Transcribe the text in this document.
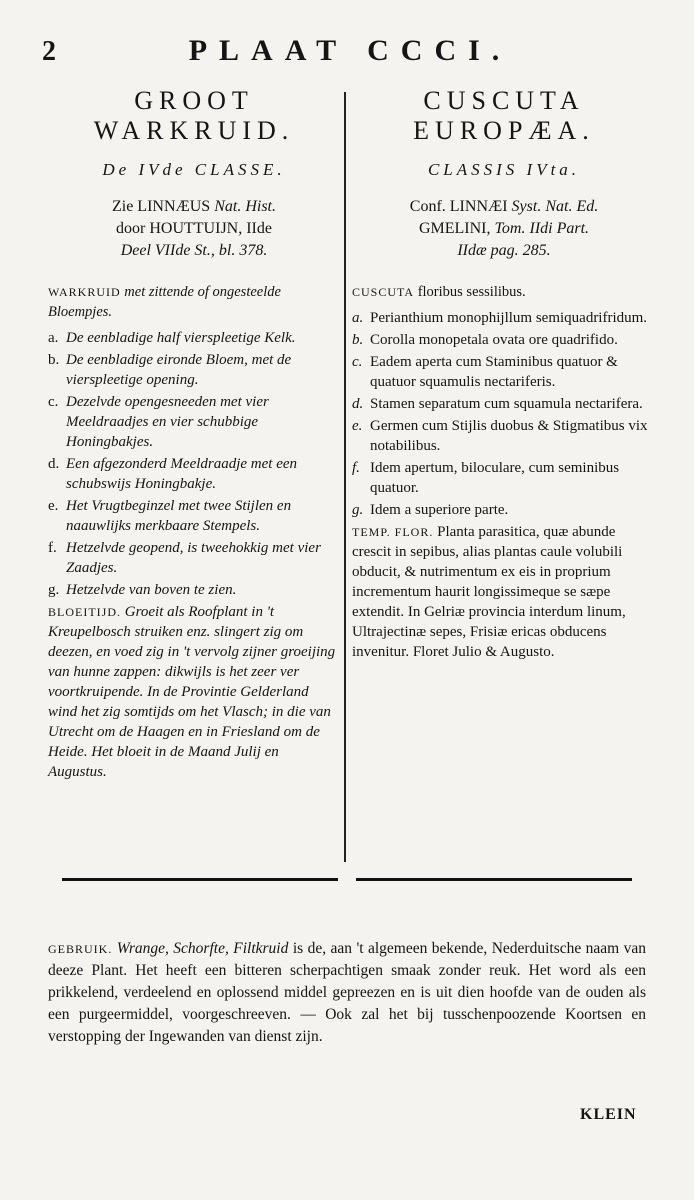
2	PLAAT CCCI.
GROOT
WARKRUID.
De IVde CLASSE.
Zie LINNÆUS Nat. Hist.
door HOUTTUIJN, IIde
Deel VIIde St., bl. 378.
WARKRUID met zittende of ongesteelde Bloempjes.
a. De eenbladige half vierspleetige Kelk.
b. De eenbladige eironde Bloem, met de vierspleetige opening.
c. Dezelvde opengesneeden met vier Meeldraadjes en vier schubbige Honingbakjes.
d. Een afgezonderd Meeldraadje met een schubswijs Honingbakje.
e. Het Vrugtbeginzel met twee Stijlen en naauwlijks merkbaare Stempels.
f. Hetzelvde geopend, is tweehokkig met vier Zaadjes.
g. Hetzelvde van boven te zien.
BLOEITIJD. Groeit als Roofplant in 't Kreupelbosch struiken enz. slingert zig om deezen, en voed zig in 't vervolg zijner groeijing van hunne zappen: dikwijls is het zeer ver voortkruipende. In de Provintie Gelderland wind het zig somtijds om het Vlasch; in die van Utrecht om de Haagen en in Friesland om de Heide. Het bloeit in de Maand Julij en Augustus.
CUSCUTA
EUROPÆA.
CLASSIS IVta.
Conf. LINNÆI Syst. Nat. Ed.
GMELINI, Tom. IIdi Part.
IIdæ pag. 285.
CUSCUTA floribus sessilibus.
a. Perianthium monophijllum semiquadrifridum.
b. Corolla monopetala ovata ore quadrifido.
c. Eadem aperta cum Staminibus quatuor & quatuor squamulis nectariferis.
d. Stamen separatum cum squamula nectarifera.
e. Germen cum Stijlis duobus & Stigmatibus vix notabilibus.
f. Idem apertum, biloculare, cum seminibus quatuor.
g. Idem a superiore parte.
TEMP. FLOR. Planta parasitica, quæ abunde crescit in sepibus, alias plantas caule volubili obducit, & nutrimentum ex eis in proprium incrementum haurit longissimeque se sæpe extendit. In Gelriæ provincia interdum linum, Ultrajectinæ sepes, Frisiæ ericas obducens invenitur. Floret Julio & Augusto.
GEBRUIK. Wrange, Schorfte, Filtkruid is de, aan 't algemeen bekende, Nederduitsche naam van deeze Plant. Het heeft een bitteren scherpachtigen smaak zonder reuk. Het word als een prikkelend, verdeelend en oplossend middel gepreezen en is uit dien hoofde van de ouden als een purgeermiddel, voorgeschreeven. — Ook zal het bij tusschenpoozende Koortsen en verstopping der Ingewanden van dienst zijn.
KLEIN
